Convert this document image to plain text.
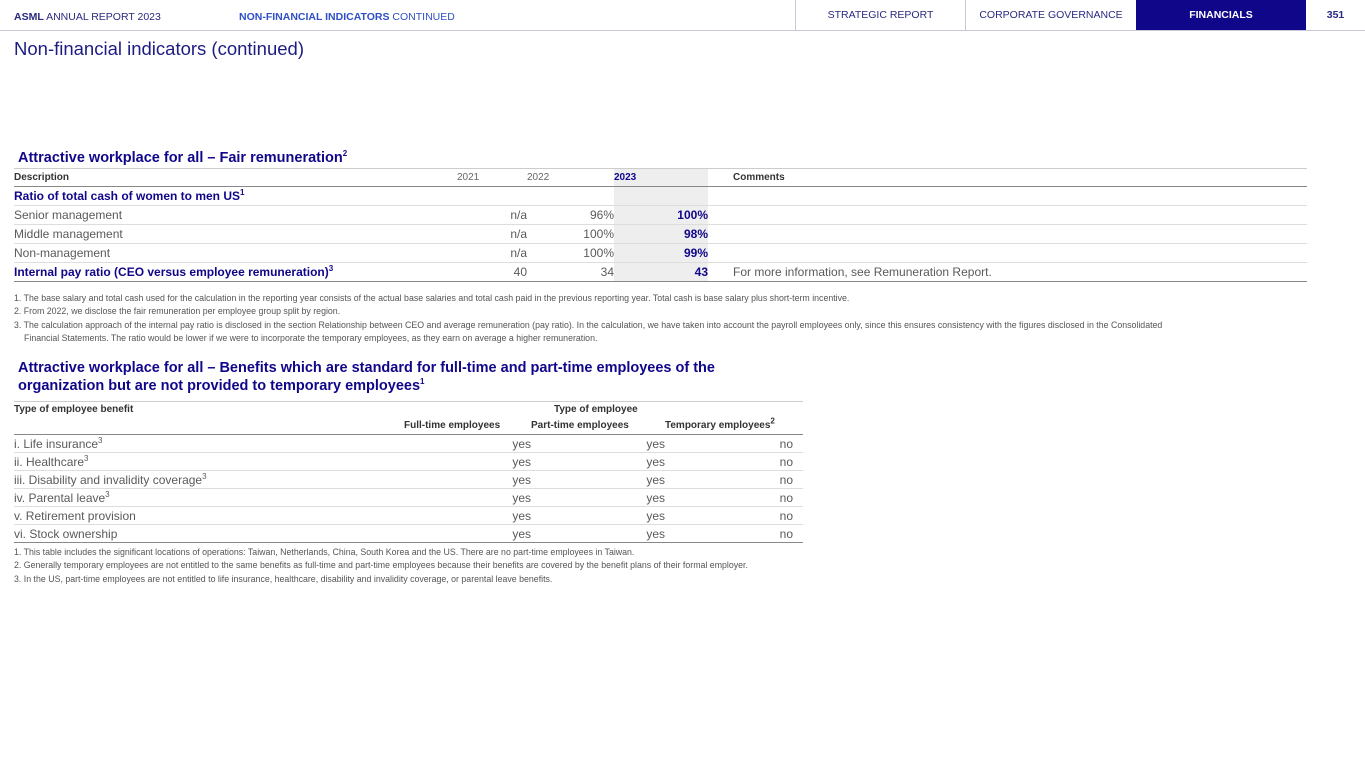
ASML ANNUAL REPORT 2023	NON-FINANCIAL INDICATORS CONTINUED	STRATEGIC REPORT	CORPORATE GOVERNANCE	FINANCIALS	351
Non-financial indicators (continued)
Attractive workplace for all – Fair remuneration$^2$
Description	2021	2022	2023		Comments
Ratio of total cash of women to men $US^1$					
Senior management	n/a	96%	100%		
Middle management	n/a	100%	98%		
Non-management	n/a	100%	99%		
Internal pay ratio (CEO versus employee remuneration)$^3$	40	34	43		For more information, see Remuneration Report.

1. The base salary and total cash used for the calculation in the reporting year consists of the actual base salaries and total cash paid in the previous reporting year. Total cash is base salary plus short-term incentive.

2. From 2022, we disclose the fair remuneration per employee group split by region.

3. The calculation approach of the internal pay ratio is disclosed in the section Relationship between CEO and average remuneration (pay ratio). In the calculation, we have taken into account the payroll employees only, since this ensures consistency with the figures disclosed in the Consolidated

Financial Statements. The ratio would be lower if we were to incorporate the temporary employees, as they earn on average a higher remuneration.

Attractive workplace for all – Benefits which are standard for full-time and part-time employees of the
organization but are not provided to temporary employees$^1$
Type of employee benefit	Type of employee		
	Full-time employees	Part-time employees	Temporary employees$^2$
i. Life insurance$^3$	yes	yes	no
ii. Healthcare$^3$	yes	yes	no
iii. Disability and invalidity coverage$^3$	yes	yes	no
iv. Parental leave$^3$	yes	yes	no
v. Retirement provision	yes	yes	no
vi. Stock ownership	yes	yes	no

1. This table includes the significant locations of operations: Taiwan, Netherlands, China, South Korea and the US. There are no part-time employees in Taiwan.

2. Generally temporary employees are not entitled to the same benefits as full-time and part-time employees because their benefits are covered by the benefit plans of their formal employer.

3. In the US, part-time employees are not entitled to life insurance, healthcare, disability and invalidity coverage, or parental leave benefits.
